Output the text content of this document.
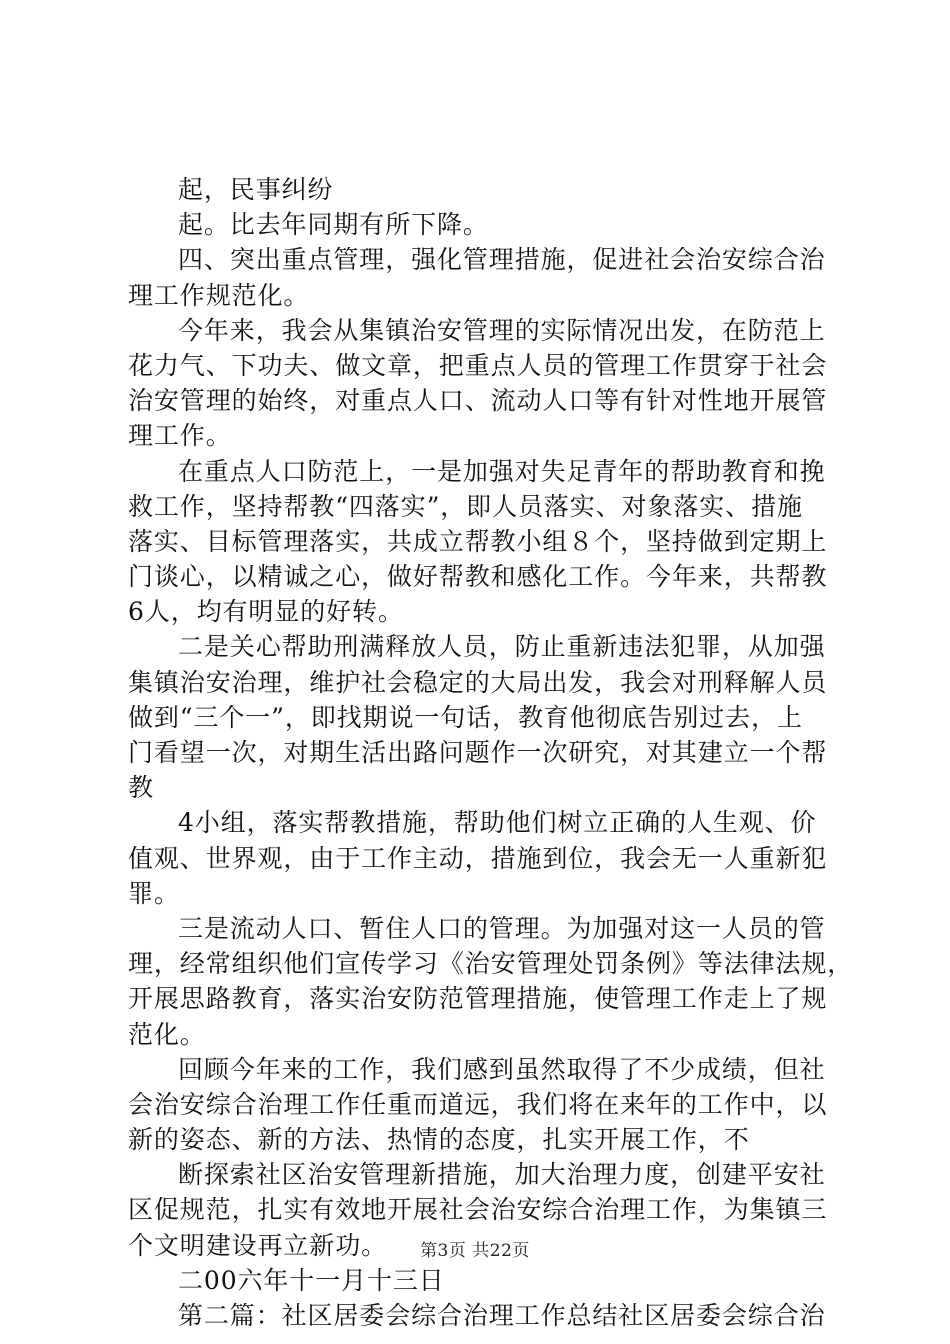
起，民事纠纷
起。比去年同期有所下降。
四、突出重点管理，强化管理措施，促进社会治安综合治
理工作规范化。
今年来，我会从集镇治安管理的实际情况出发，在防范上
花力气、下功夫、做文章，把重点人员的管理工作贯穿于社会
治安管理的始终，对重点人口、流动人口等有针对性地开展管
理工作。
在重点人口防范上，一是加强对失足青年的帮助教育和挽
救工作，坚持帮教“四落实”，即人员落实、对象落实、措施
落实、目标管理落实，共成立帮教小组８个，坚持做到定期上
门谈心，以精诚之心，做好帮教和感化工作。今年来，共帮教
6人，均有明显的好转。
二是关心帮助刑满释放人员，防止重新违法犯罪，从加强
集镇治安治理，维护社会稳定的大局出发，我会对刑释解人员
做到“三个一”，即找期说一句话，教育他彻底告别过去，上
门看望一次，对期生活出路问题作一次研究，对其建立一个帮
教
4小组，落实帮教措施，帮助他们树立正确的人生观、价
值观、世界观，由于工作主动，措施到位，我会无一人重新犯
罪。
三是流动人口、暂住人口的管理。为加强对这一人员的管
理，经常组织他们宣传学习《治安管理处罚条例》等法律法规，
开展思路教育，落实治安防范管理措施，使管理工作走上了规
范化。
回顾今年来的工作，我们感到虽然取得了不少成绩，但社
会治安综合治理工作任重而道远，我们将在来年的工作中，以
新的姿态、新的方法、热情的态度，扎实开展工作，不
断探索社区治安管理新措施，加大治理力度，创建平安社
区促规范，扎实有效地开展社会治安综合治理工作，为集镇三
个文明建设再立新功。
二00六年十一月十三日
第二篇：社区居委会综合治理工作总结社区居委会综合治
第3页 共22页
